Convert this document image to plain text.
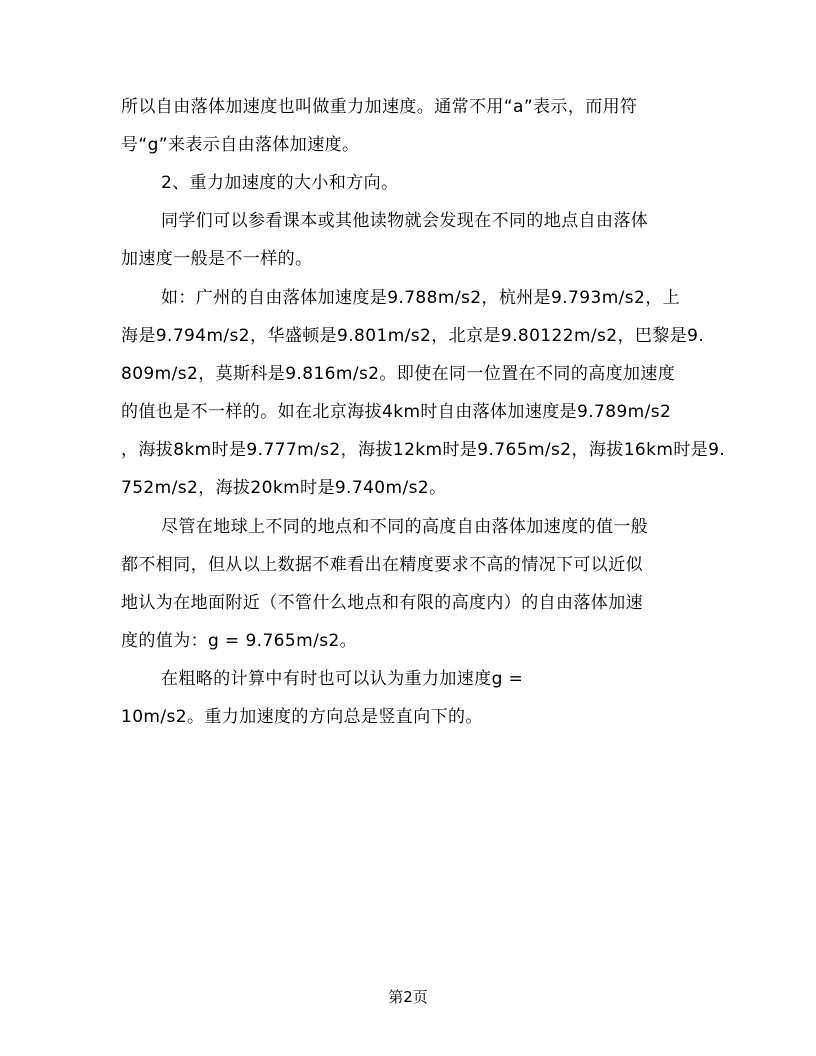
所以自由落体加速度也叫做重力加速度。通常不用“a”表示，而用符
号“g”来表示自由落体加速度。
2、重力加速度的大小和方向。
同学们可以参看课本或其他读物就会发现在不同的地点自由落体
加速度一般是不一样的。
如：广州的自由落体加速度是9.788m/s2，杭州是9.793m/s2，上
海是9.794m/s2，华盛顿是9.801m/s2，北京是9.80122m/s2，巴黎是9.
809m/s2，莫斯科是9.816m/s2。即使在同一位置在不同的高度加速度
的值也是不一样的。如在北京海拔4km时自由落体加速度是9.789m/s2
，海拔8km时是9.777m/s2，海拔12km时是9.765m/s2，海拔16km时是9.
752m/s2，海拔20km时是9.740m/s2。
尽管在地球上不同的地点和不同的高度自由落体加速度的值一般
都不相同，但从以上数据不难看出在精度要求不高的情况下可以近似
地认为在地面附近（不管什么地点和有限的高度内）的自由落体加速
度的值为：g = 9.765m/s2。
在粗略的计算中有时也可以认为重力加速度g =
10m/s2。重力加速度的方向总是竖直向下的。
第2页
